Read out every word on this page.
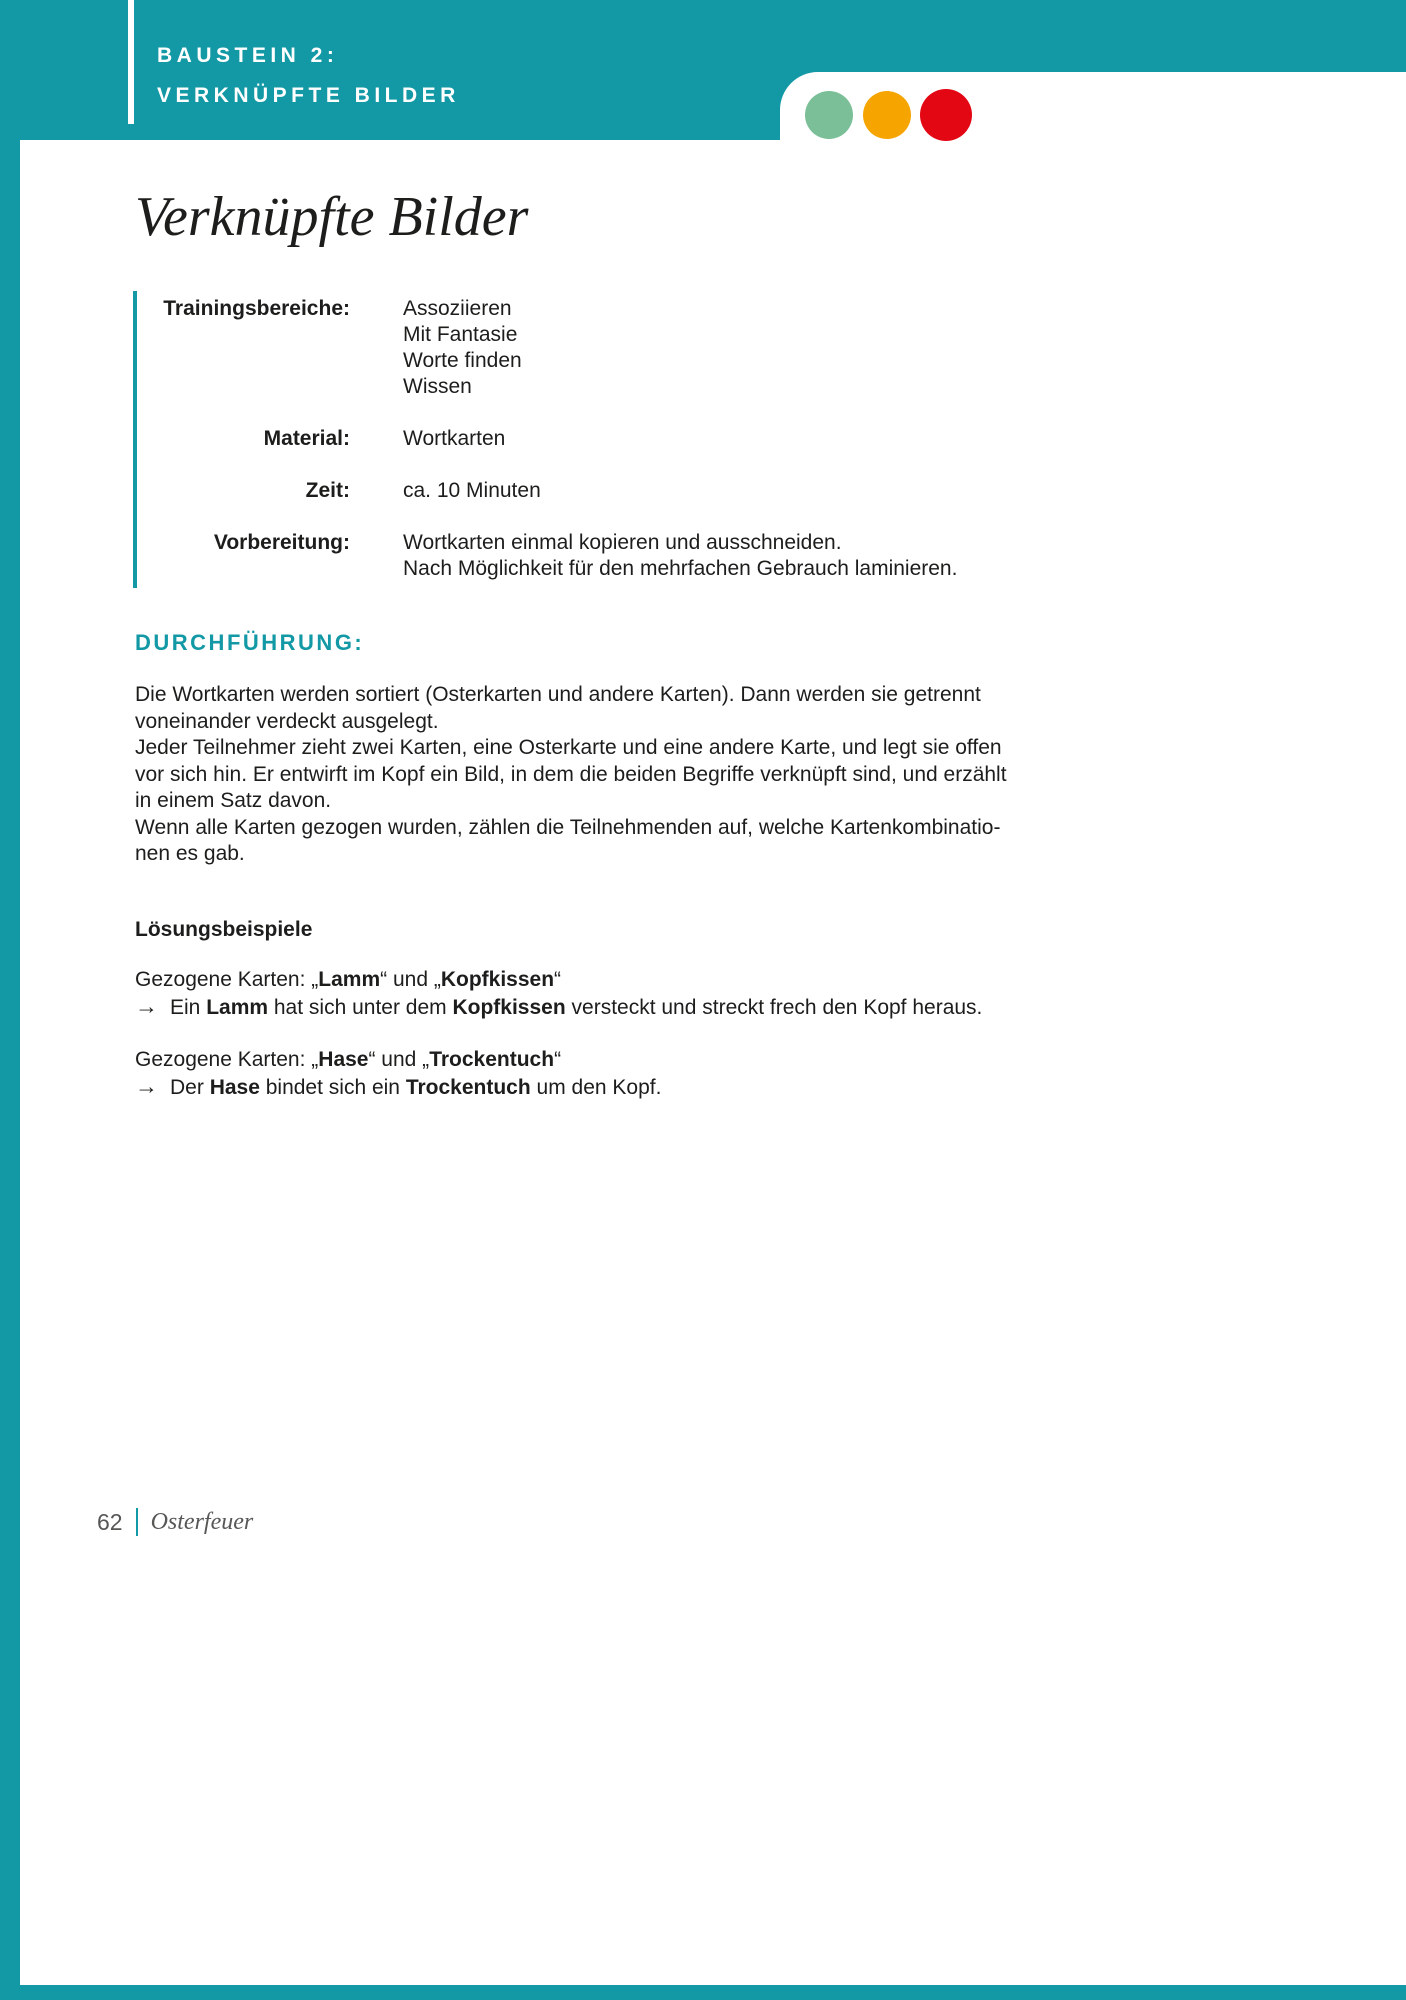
BAUSTEIN 2:
VERKNÜPFTE BILDER
Verknüpfte Bilder
Trainingsbereiche:	Assoziieren
Mit Fantasie
Worte finden
Wissen
Material:	Wortkarten
Zeit:	ca. 10 Minuten
Vorbereitung:	Wortkarten einmal kopieren und ausschneiden.
Nach Möglichkeit für den mehrfachen Gebrauch laminieren.
DURCHFÜHRUNG:

Die Wortkarten werden sortiert (Osterkarten und andere Karten). Dann werden sie getrennt
voneinander verdeckt ausgelegt.

Jeder Teilnehmer zieht zwei Karten, eine Osterkarte und eine andere Karte, und legt sie offen
vor sich hin. Er entwirft im Kopf ein Bild, in dem die beiden Begriffe verknüpft sind, und erzählt
in einem Satz davon.

Wenn alle Karten gezogen wurden, zählen die Teilnehmenden auf, welche Kartenkombinatio-
nen es gab.

Lösungsbeispiele
Gezogene Karten: „Lamm“ und „Kopfkissen“
→ Ein Lamm hat sich unter dem Kopfkissen versteckt und streckt frech den Kopf heraus.
Gezogene Karten: „Hase“ und „Trockentuch“
→ Der Hase bindet sich ein Trockentuch um den Kopf.
62 Osterfeuer
